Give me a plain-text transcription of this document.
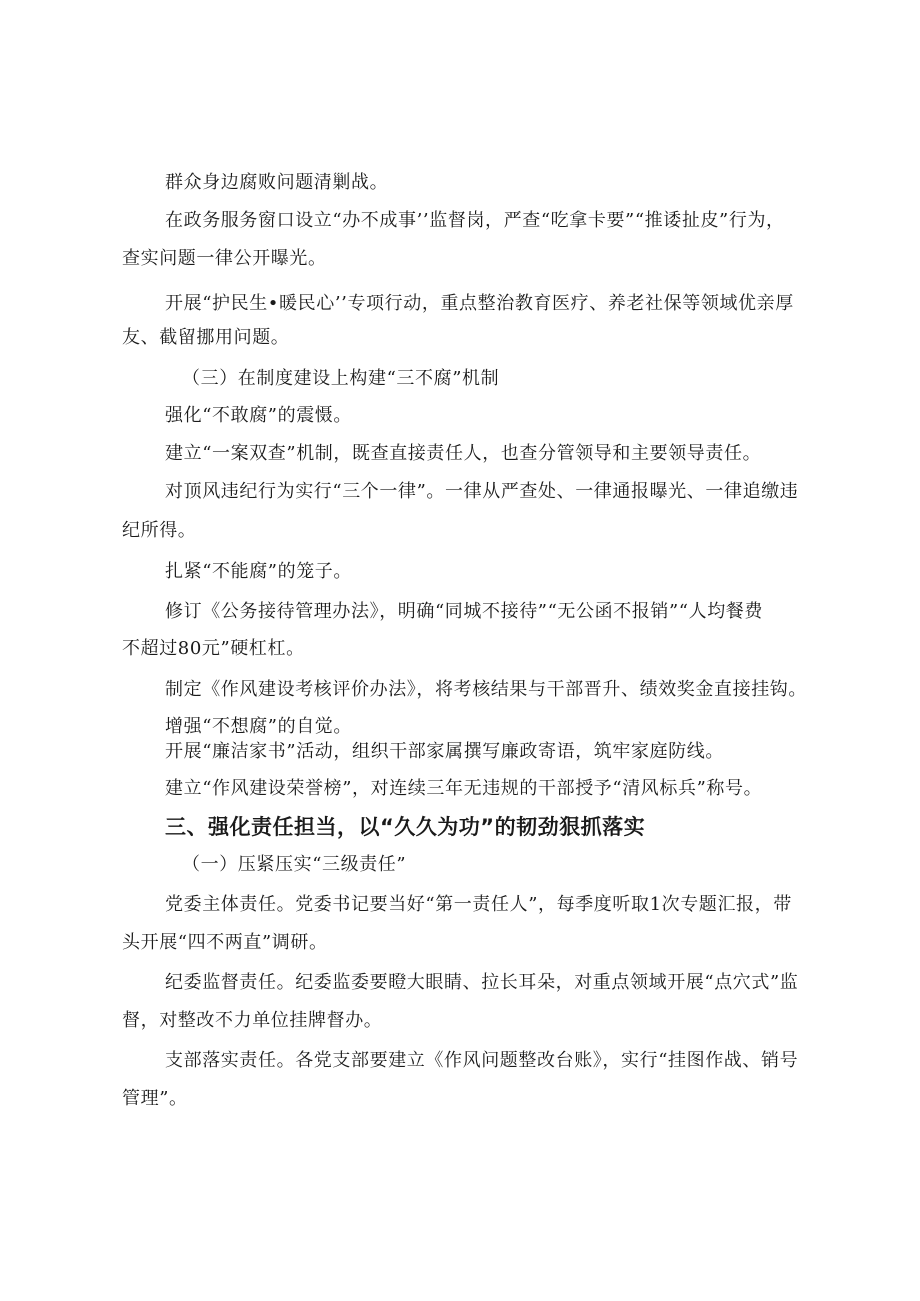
群众身边腐败问题清剿战。
在政务服务窗口设立“办不成事’’监督岗，严查“吃拿卡要”“推诿扯皮”行为，
查实问题一律公开曝光。
开展“护民生•暖民心’’专项行动，重点整治教育医疗、养老社保等领域优亲厚
友、截留挪用问题。
（三）在制度建设上构建“三不腐”机制
强化“不敢腐”的震慑。
建立“一案双查”机制，既查直接责任人，也查分管领导和主要领导责任。
对顶风违纪行为实行“三个一律”。一律从严查处、一律通报曝光、一律追缴违
纪所得。
扎紧“不能腐”的笼子。
修订《公务接待管理办法》，明确“同城不接待”“无公函不报销”“人均餐费
不超过80元”硬杠杠。
制定《作风建设考核评价办法》，将考核结果与干部晋升、绩效奖金直接挂钩。
增强“不想腐”的自觉。
开展“廉洁家书”活动，组织干部家属撰写廉政寄语，筑牢家庭防线。
建立“作风建设荣誉榜”，对连续三年无违规的干部授予“清风标兵”称号。
三、强化责任担当，以“久久为功”的韧劲狠抓落实
（一）压紧压实“三级责任”
党委主体责任。党委书记要当好“第一责任人”，每季度听取1次专题汇报，带
头开展“四不两直”调研。
纪委监督责任。纪委监委要瞪大眼睛、拉长耳朵，对重点领域开展“点穴式”监
督，对整改不力单位挂牌督办。
支部落实责任。各党支部要建立《作风问题整改台账》，实行“挂图作战、销号
管理”。
